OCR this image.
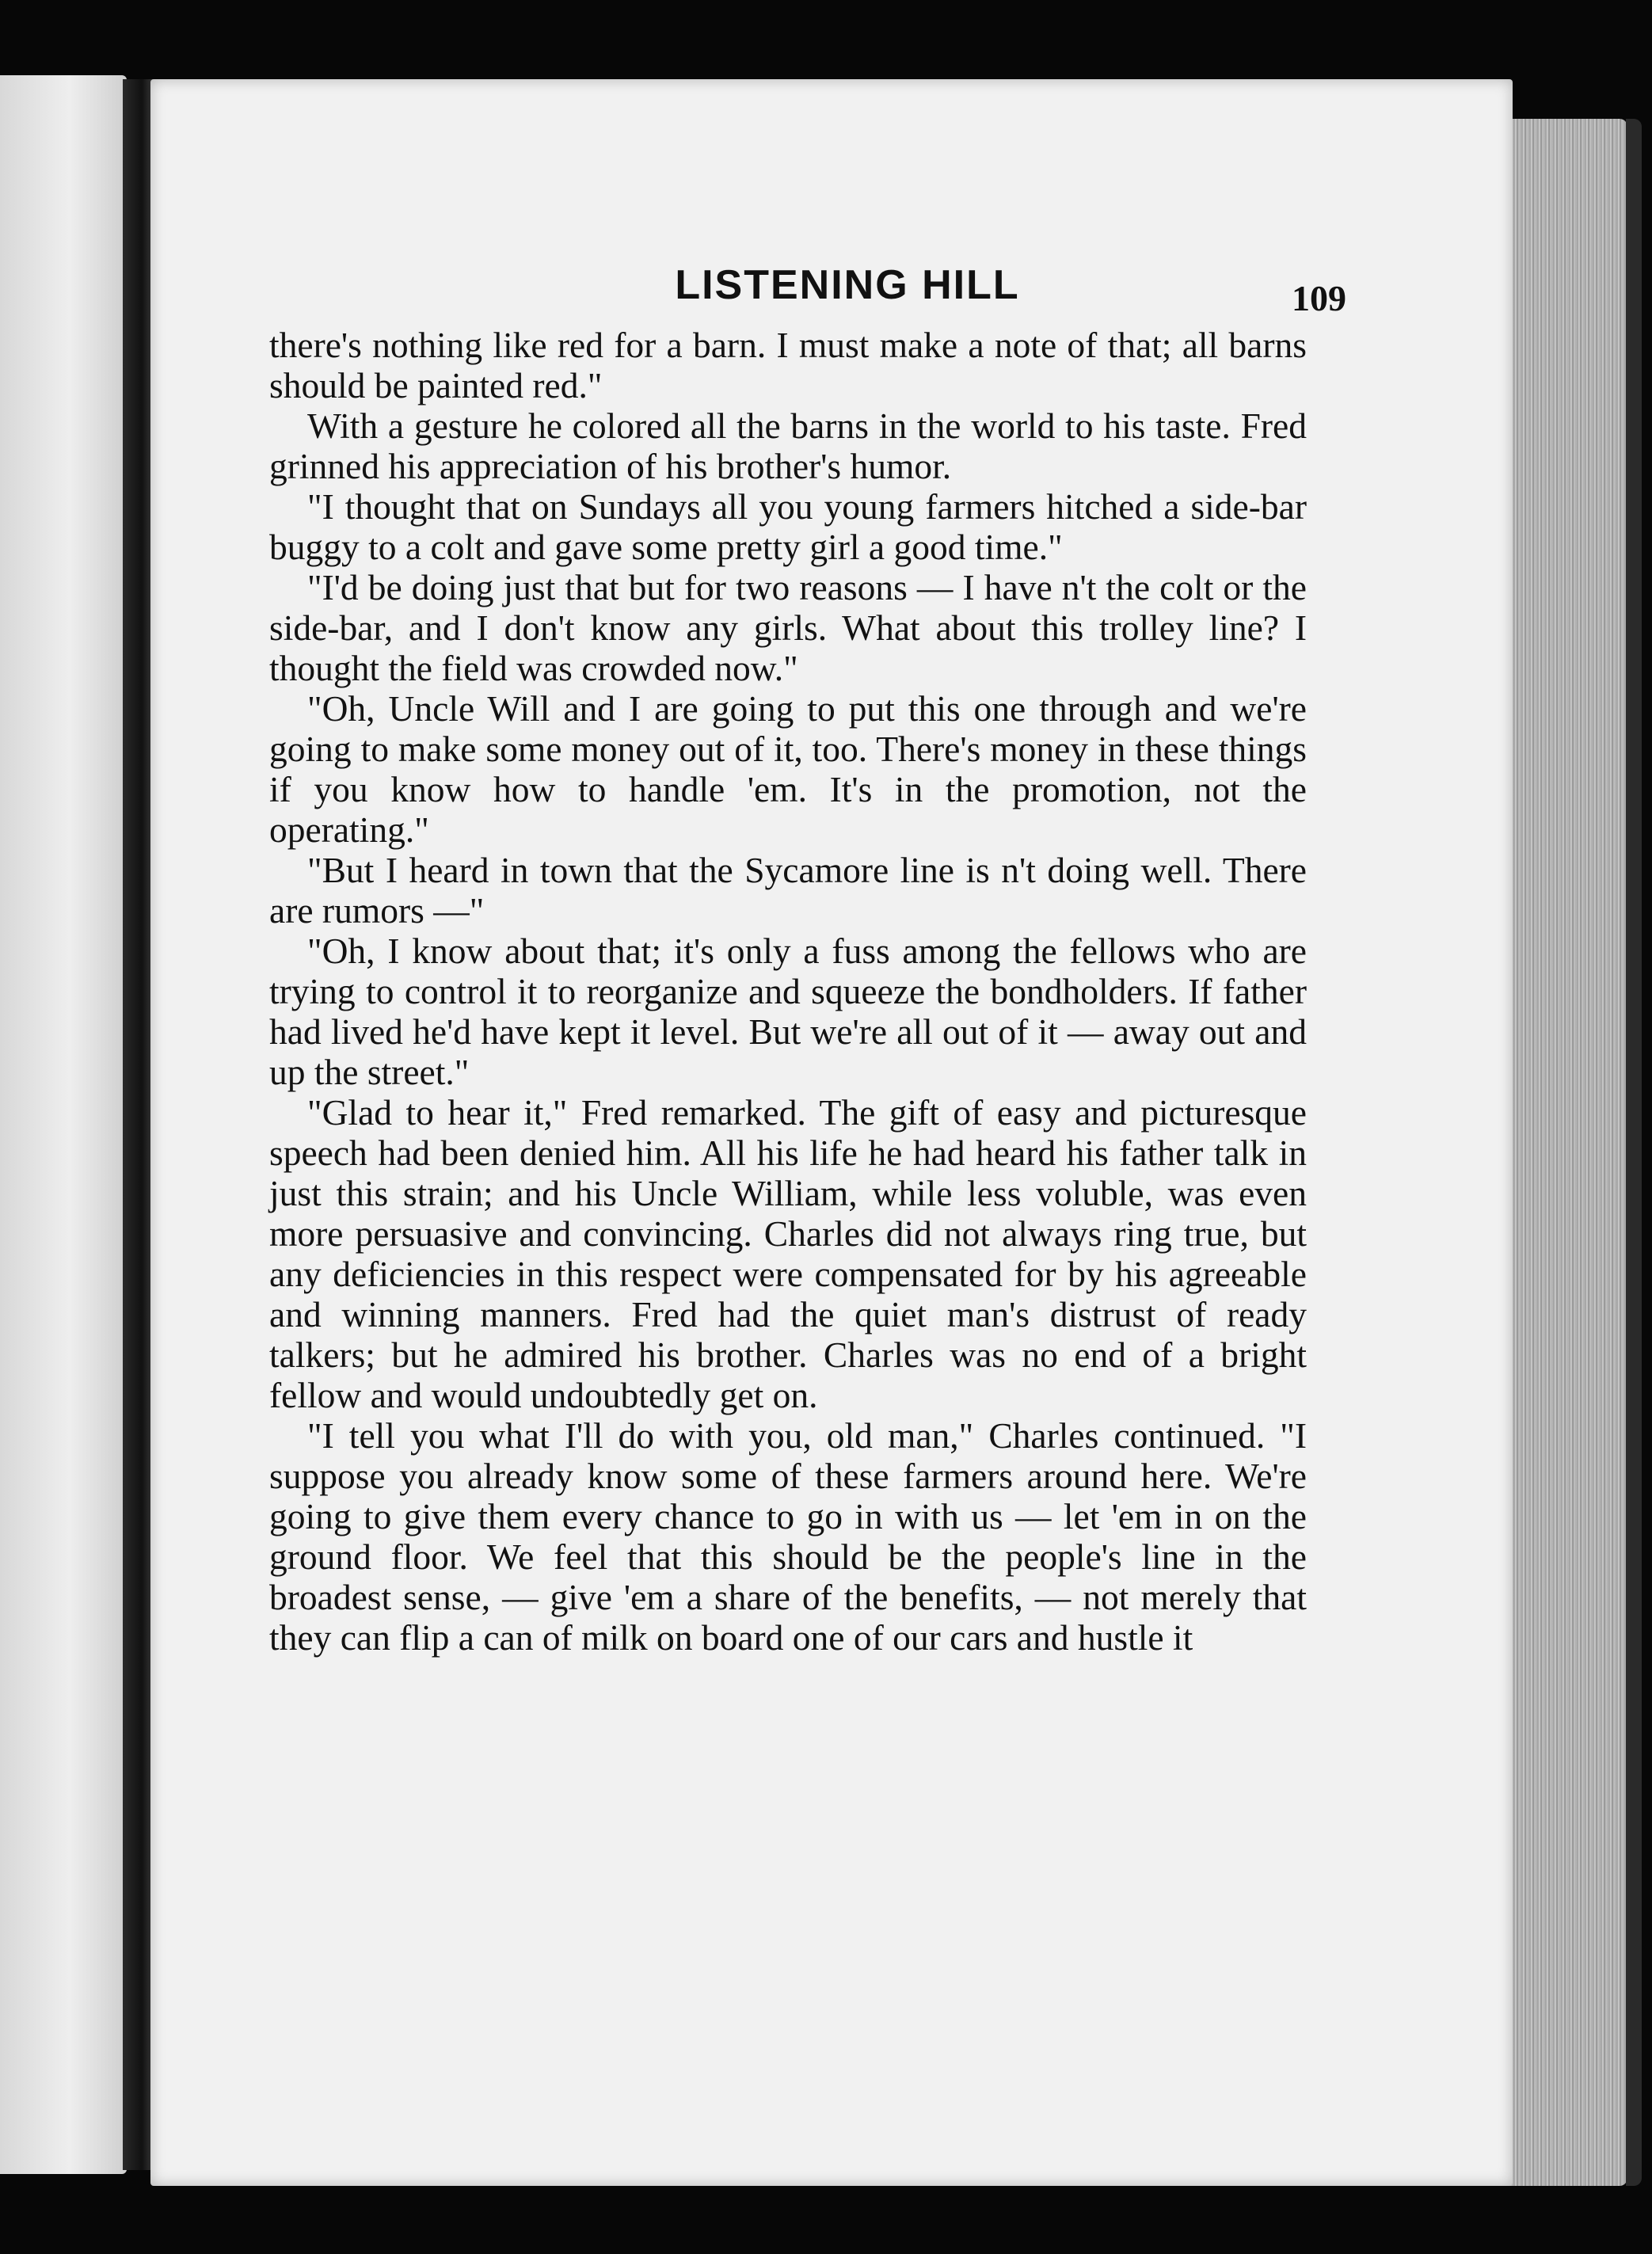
LISTENING HILL	109

there's nothing like red for a barn. I must make a note of that; all barns should be painted red."

With a gesture he colored all the barns in the world to his taste. Fred grinned his appreciation of his brother's humor.

"I thought that on Sundays all you young farmers hitched a side-bar buggy to a colt and gave some pretty girl a good time."

"I'd be doing just that but for two reasons — I have n't the colt or the side-bar, and I don't know any girls. What about this trolley line? I thought the field was crowded now."

"Oh, Uncle Will and I are going to put this one through and we're going to make some money out of it, too. There's money in these things if you know how to handle 'em. It's in the promotion, not the operating."

"But I heard in town that the Sycamore line is n't doing well. There are rumors —"

"Oh, I know about that; it's only a fuss among the fellows who are trying to control it to reorganize and squeeze the bondholders. If father had lived he'd have kept it level. But we're all out of it — away out and up the street."

"Glad to hear it," Fred remarked. The gift of easy and picturesque speech had been denied him. All his life he had heard his father talk in just this strain; and his Uncle William, while less voluble, was even more persuasive and convincing. Charles did not always ring true, but any deficiencies in this respect were compensated for by his agreeable and winning manners. Fred had the quiet man's distrust of ready talkers; but he admired his brother. Charles was no end of a bright fellow and would undoubtedly get on.

"I tell you what I'll do with you, old man," Charles continued. "I suppose you already know some of these farmers around here. We're going to give them every chance to go in with us — let 'em in on the ground floor. We feel that this should be the people's line in the broadest sense, — give 'em a share of the benefits, — not merely that they can flip a can of milk on board one of our cars and hustle it
